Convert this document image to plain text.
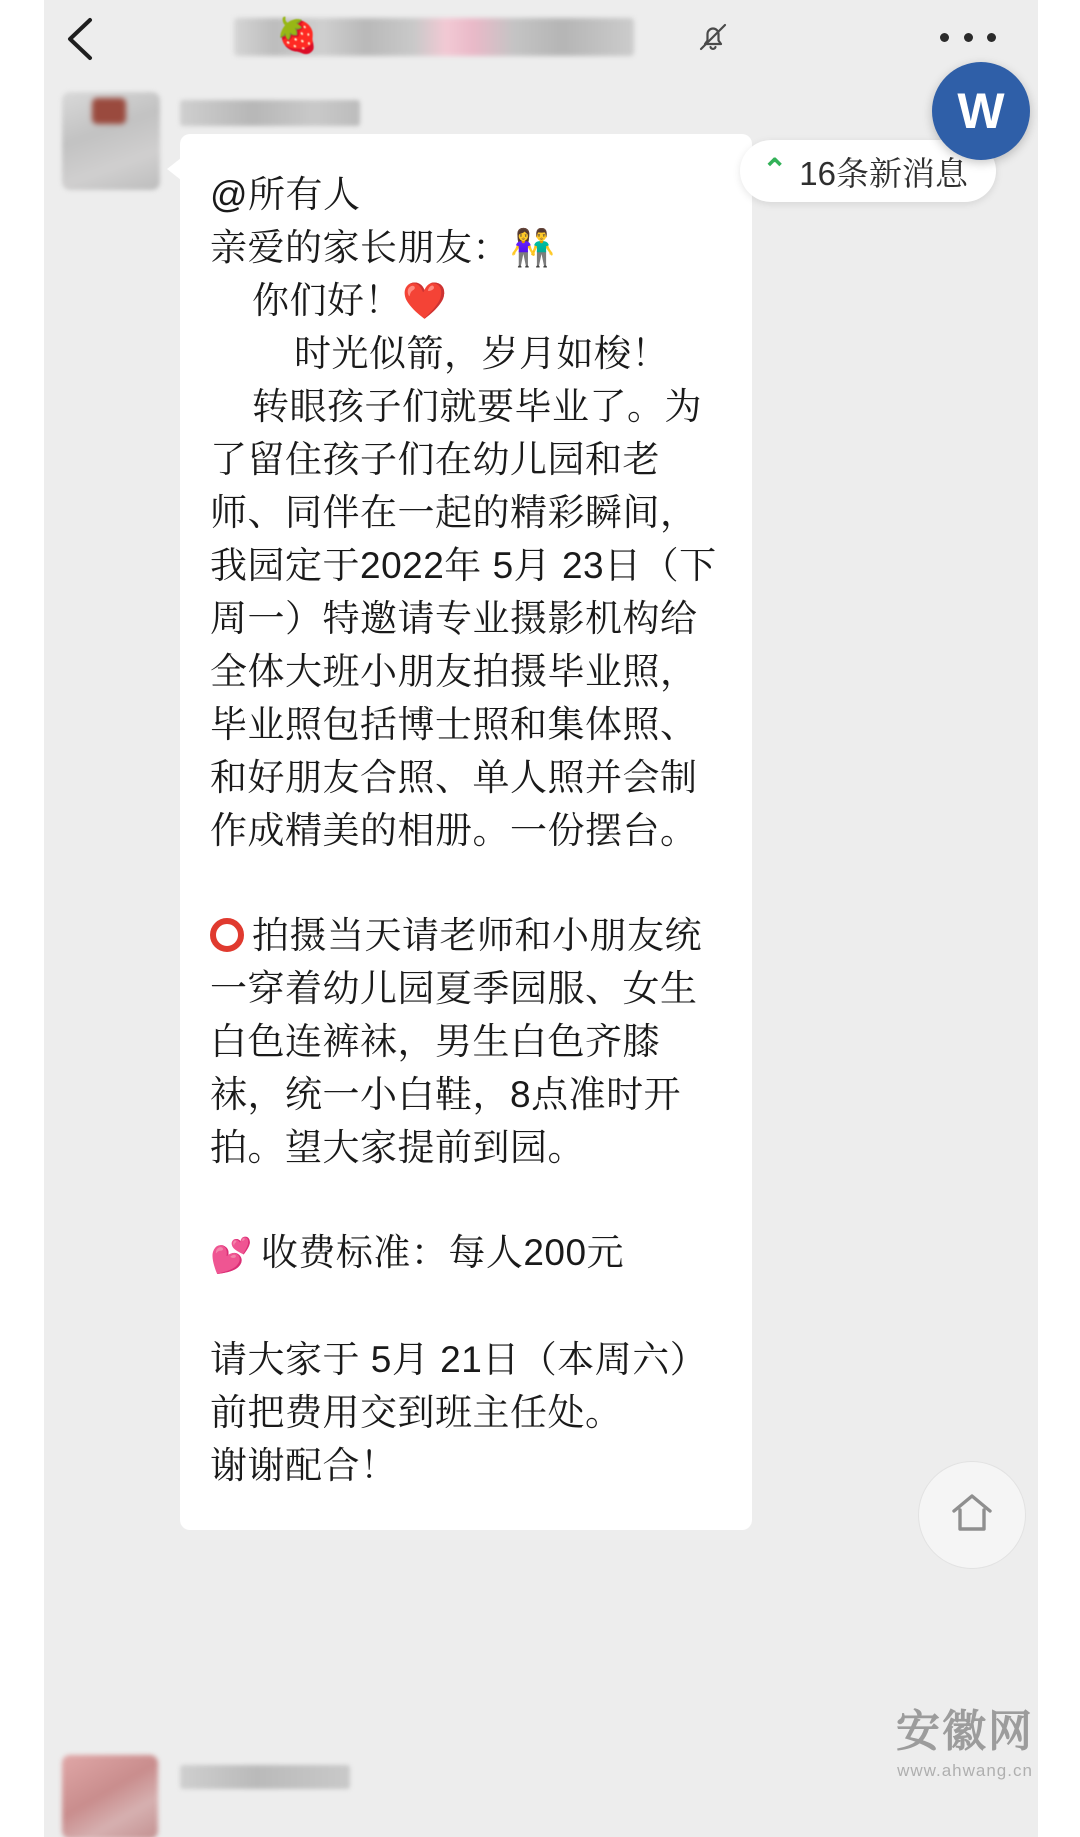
🍓

@所有人

亲爱的家长朋友：👫

你们好！❤️

时光似箭，岁月如梭！

转眼孩子们就要毕业了。为了留住孩子们在幼儿园和老师、同伴在一起的精彩瞬间，我园定于2022年 5月 23日（下周一）特邀请专业摄影机构给全体大班小朋友拍摄毕业照，毕业照包括博士照和集体照、和好朋友合照、单人照并会制作成精美的相册。一份摆台。

拍摄当天请老师和小朋友统一穿着幼儿园夏季园服、女生白色连裤袜，男生白色齐膝袜，统一小白鞋，8点准时开拍。望大家提前到园。

💕 收费标准：每人200元

请大家于 5月 21日（本周六）前把费用交到班主任处。

谢谢配合！

⌃ 16条新消息
W
安徽网
www.ahwang.cn
